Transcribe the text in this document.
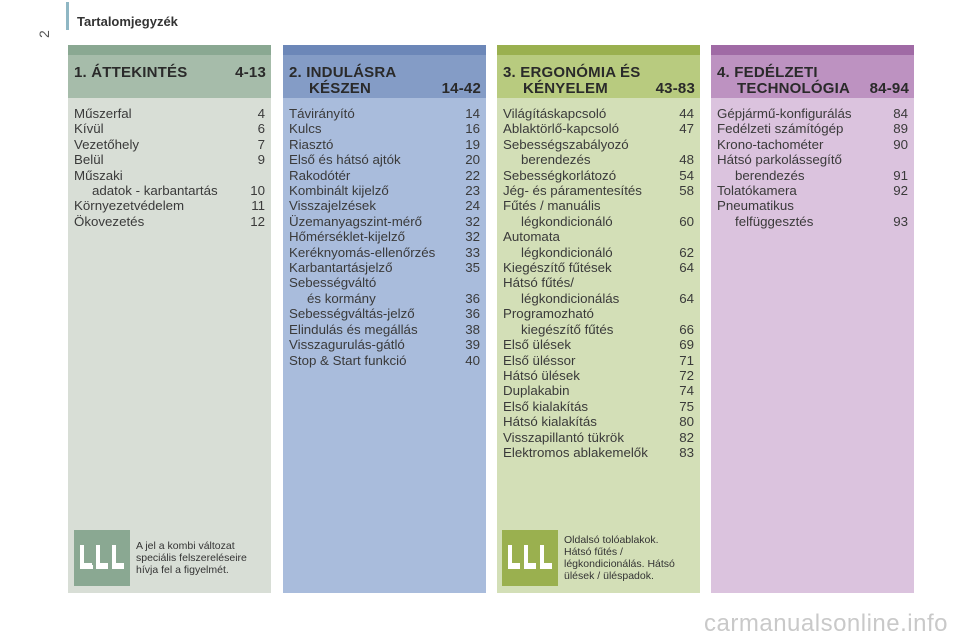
2
Tartalomjegyzék
1. ÁTTEKINTÉS	4-13
Műszerfal	4
Kívül	6
Vezetőhely	7
Belül	9
Műszaki
adatok - karbantartás	10
Környezetvédelem	11
Ökovezetés	12
2. INDULÁSRA
KÉSZEN	14-42
Távirányító	14
Kulcs	16
Riasztó	19
Első és hátsó ajtók	20
Rakodótér	22
Kombinált kijelző	23
Visszajelzések	24
Üzemanyagszint-mérő	32
Hőmérséklet-kijelző	32
Keréknyomás-ellenőrzés	33
Karbantartásjelző	35
Sebességváltó
és kormány	36
Sebességváltás-jelző	36
Elindulás és megállás	38
Visszagurulás-gátló	39
Stop & Start funkció	40
3. ERGONÓMIA ÉS
KÉNYELEM	43-83
Világításkapcsoló	44
Ablaktörlő-kapcsoló	47
Sebességszabályozó
berendezés	48
Sebességkorlátozó	54
Jég- és páramentesítés	58
Fűtés / manuális
légkondicionáló	60
Automata
légkondicionáló	62
Kiegészítő fűtések	64
Hátsó fűtés/
légkondicionálás	64
Programozható
kiegészítő fűtés	66
Első ülések	69
Első üléssor	71
Hátsó ülések	72
Duplakabin	74
Első kialakítás	75
Hátsó kialakítás	80
Visszapillantó tükrök	82
Elektromos ablakemelők	83
4. FEDÉLZETI
TECHNOLÓGIA	84-94
Gépjármű-konfigurálás	84
Fedélzeti számítógép	89
Krono-tachométer	90
Hátsó parkolássegítő
berendezés	91
Tolatókamera	92
Pneumatikus
felfüggesztés	93
A jel a kombi változat
speciális felszereléseire
hívja fel a figyelmét.
Oldalsó tolóablakok.
Hátsó fűtés /
légkondicionálás. Hátsó
ülések / üléspadok.
carmanualsonline.info
